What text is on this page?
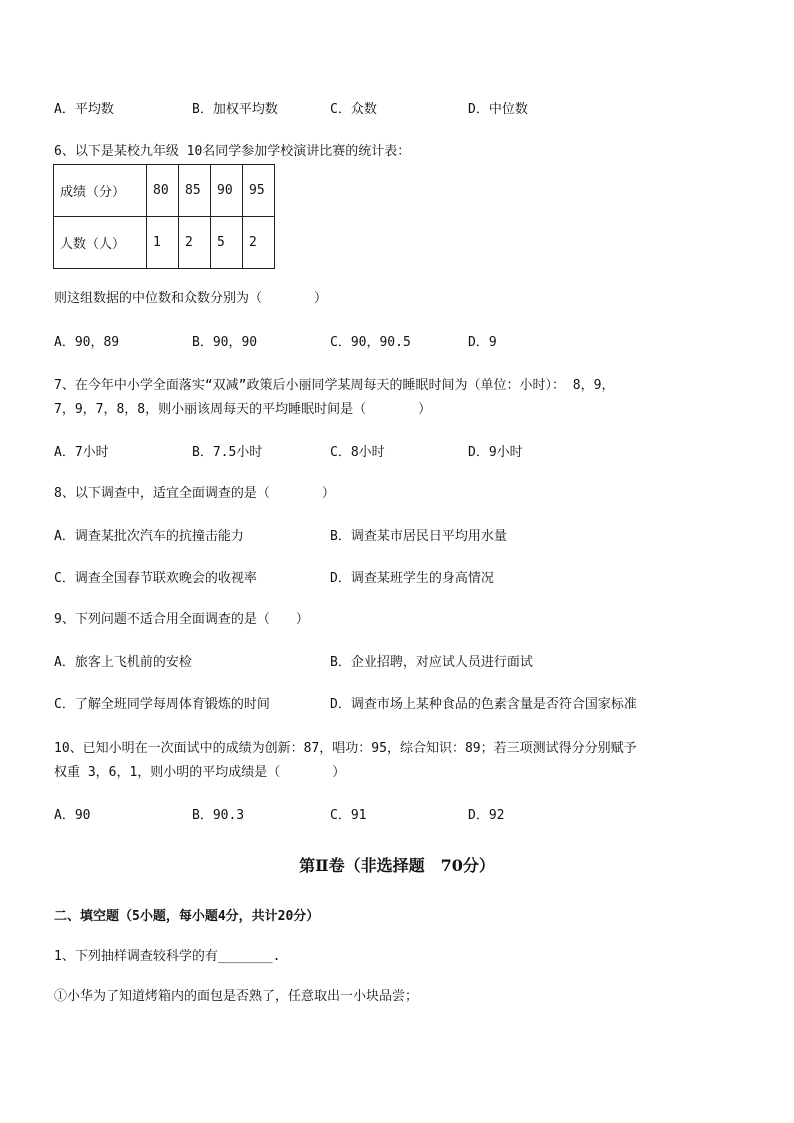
A．平均数	B．加权平均数	C．众数	D．中位数
6、以下是某校九年级 10名同学参加学校演讲比赛的统计表：
成绩（分）	80	85	90	95
人数（人）	1	2	5	2
则这组数据的中位数和众数分别为（　　　　）
A．90，89	B．90，90	C．90，90.5	D．9
7、在今年中小学全面落实“双减”政策后小丽同学某周每天的睡眠时间为（单位：小时）： 8，9，
7，9，7，8，8，则小丽该周每天的平均睡眠时间是（　　　　）
A．7小时	B．7.5小时	C．8小时	D．9小时
8、以下调查中，适宜全面调查的是（　　　　）
A．调查某批次汽车的抗撞击能力	B．调查某市居民日平均用水量
C．调查全国春节联欢晚会的收视率	D．调查某班学生的身高情况
9、下列问题不适合用全面调查的是（　　）
A．旅客上飞机前的安检	B．企业招聘，对应试人员进行面试
C．了解全班同学每周体育锻炼的时间	D．调查市场上某种食品的色素含量是否符合国家标准
10、已知小明在一次面试中的成绩为创新：87，唱功：95，综合知识：89；若三项测试得分分别赋予
权重 3，6，1，则小明的平均成绩是（　　　　）
A．90	B．90.3	C．91	D．92
第Ⅱ卷（非选择题　70分）
二、填空题（5小题，每小题4分，共计20分）
1、下列抽样调查较科学的有_______.
①小华为了知道烤箱内的面包是否熟了，任意取出一小块品尝；
